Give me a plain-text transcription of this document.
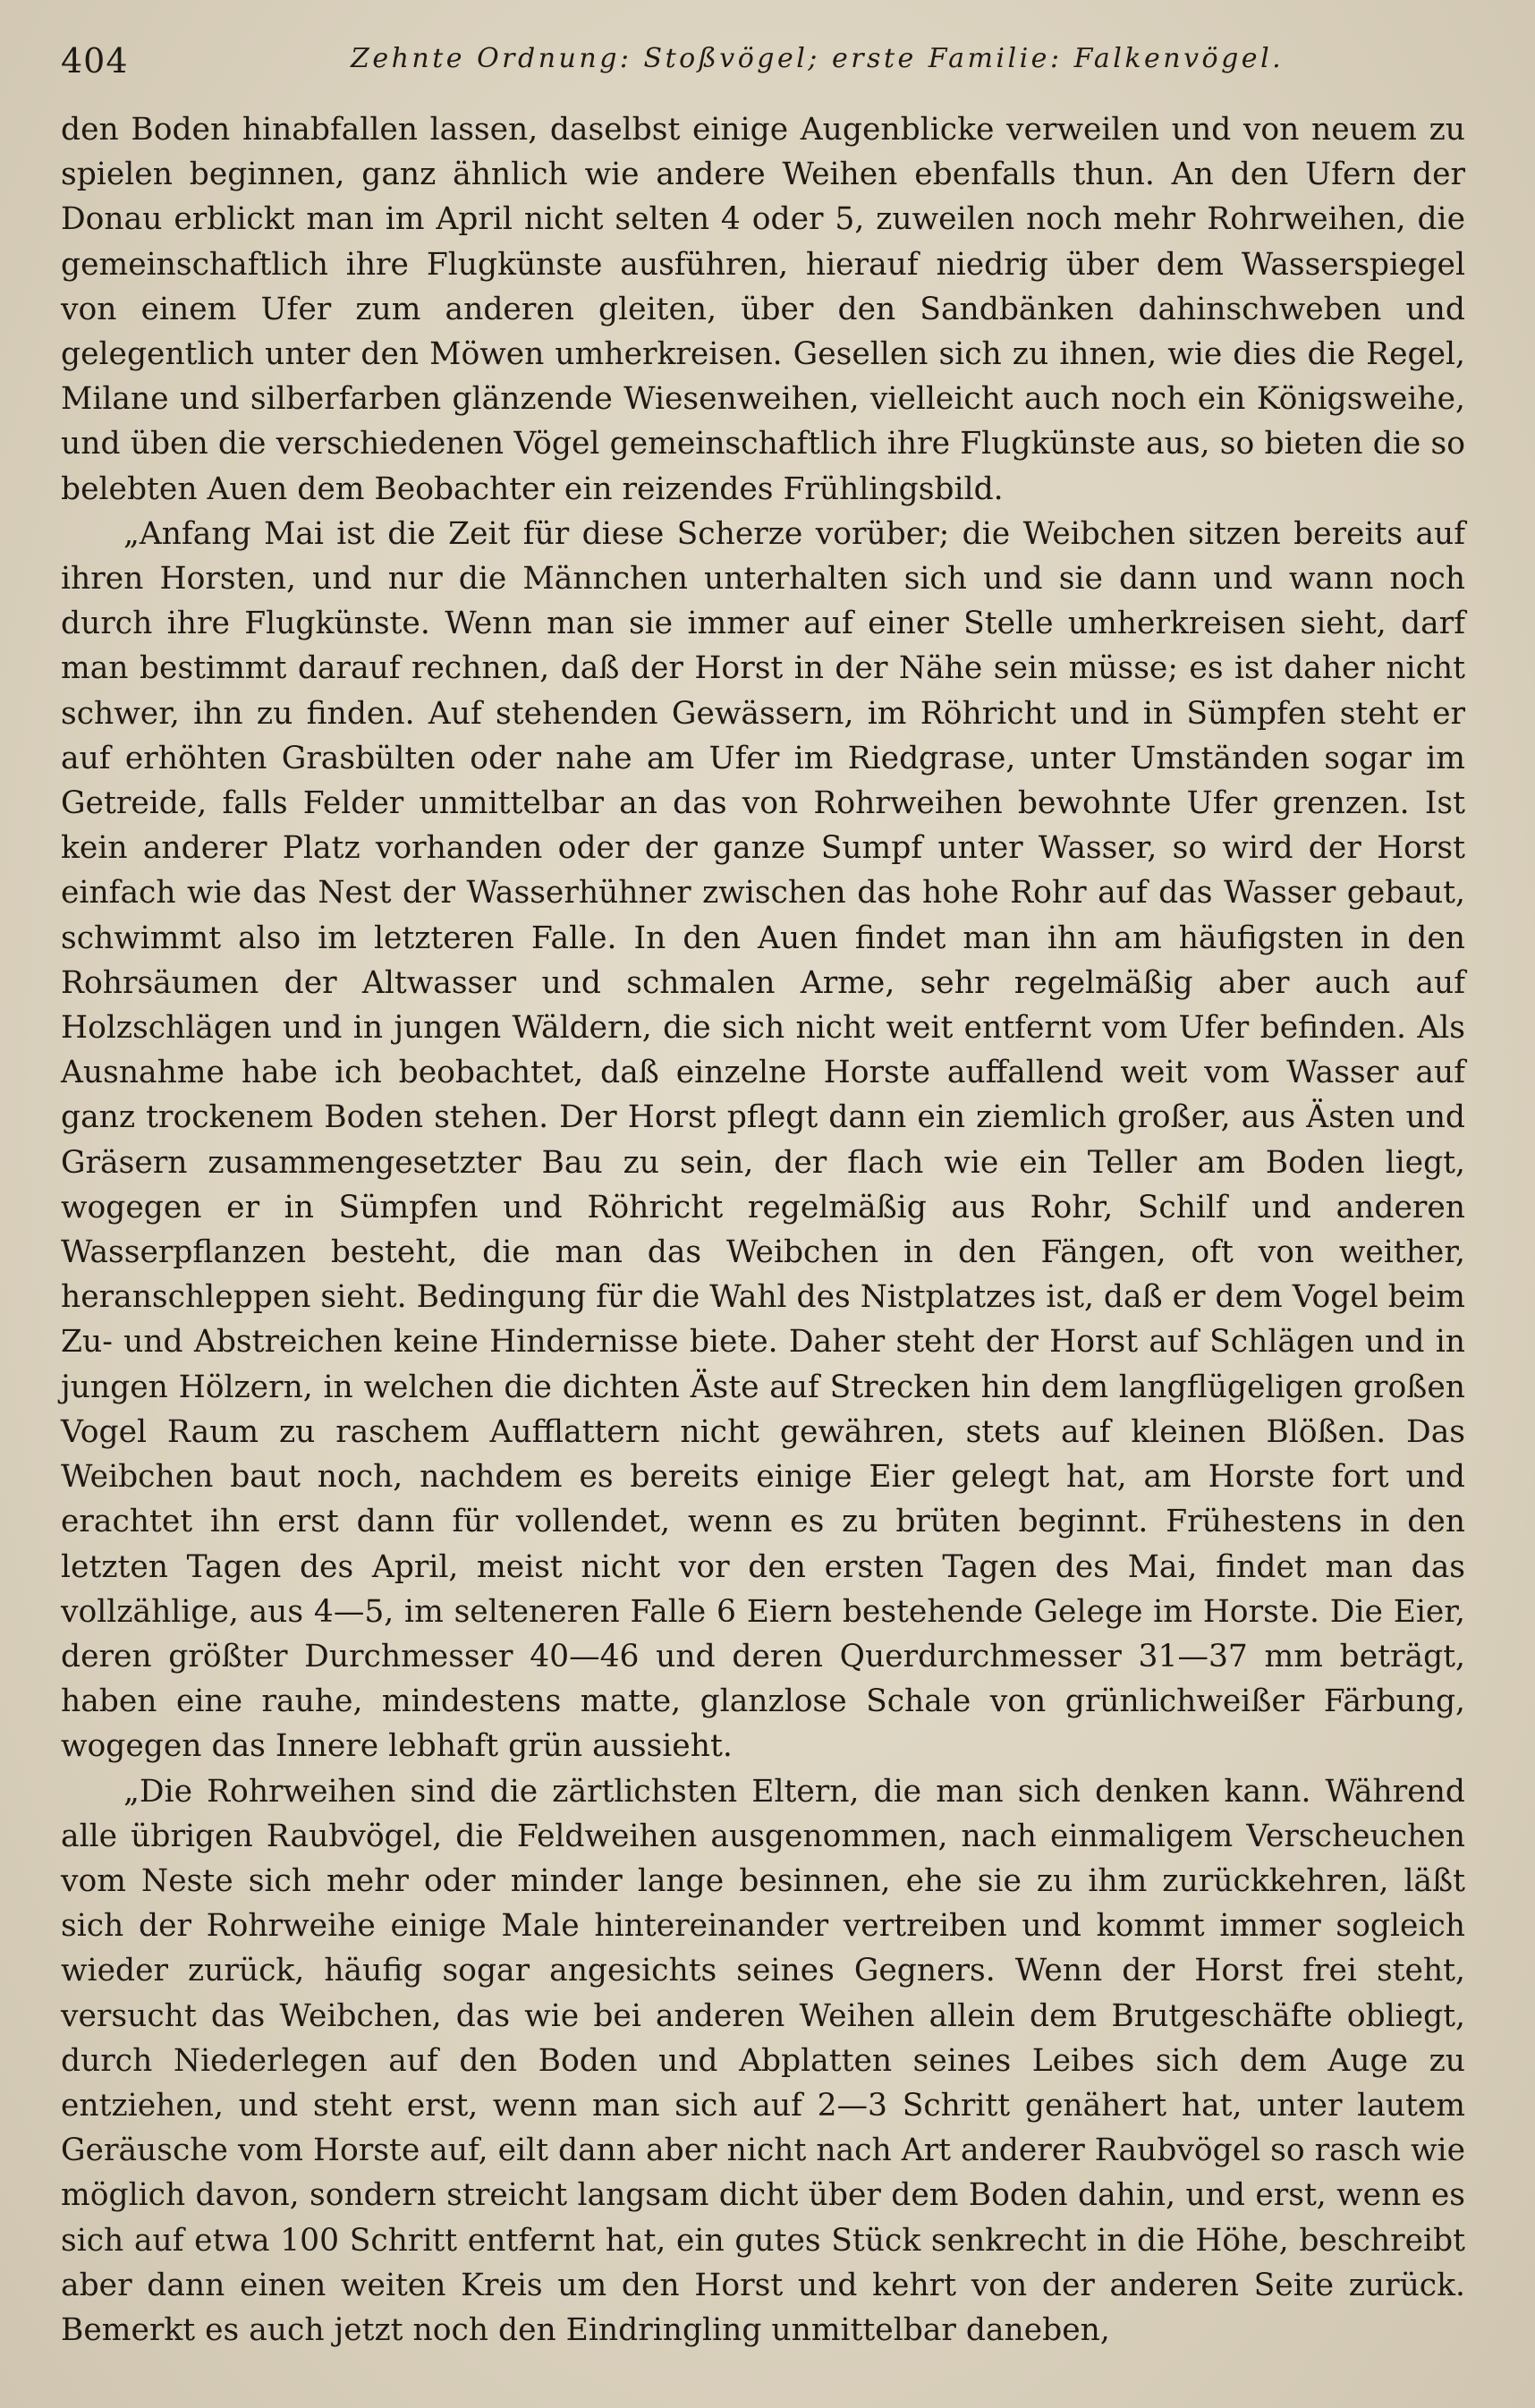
404	Zehnte Ordnung: Stoßvögel; erste Familie: Falkenvögel.

den Boden hinabfallen lassen, daselbst einige Augenblicke verweilen und von neuem zu spielen beginnen, ganz ähnlich wie andere Weihen ebenfalls thun. An den Ufern der Donau erblickt man im April nicht selten 4 oder 5, zuweilen noch mehr Rohrweihen, die gemeinschaftlich ihre Flugkünste ausführen, hierauf niedrig über dem Wasserspiegel von einem Ufer zum anderen gleiten, über den Sandbänken dahinschweben und gelegentlich unter den Möwen umherkreisen. Gesellen sich zu ihnen, wie dies die Regel, Milane und silberfarben glänzende Wiesenweihen, vielleicht auch noch ein Königsweihe, und üben die verschiedenen Vögel gemeinschaftlich ihre Flugkünste aus, so bieten die so belebten Auen dem Beobachter ein reizendes Frühlingsbild.

„Anfang Mai ist die Zeit für diese Scherze vorüber; die Weibchen sitzen bereits auf ihren Horsten, und nur die Männchen unterhalten sich und sie dann und wann noch durch ihre Flugkünste. Wenn man sie immer auf einer Stelle umherkreisen sieht, darf man bestimmt darauf rechnen, daß der Horst in der Nähe sein müsse; es ist daher nicht schwer, ihn zu finden. Auf stehenden Gewässern, im Röhricht und in Sümpfen steht er auf erhöhten Grasbülten oder nahe am Ufer im Riedgrase, unter Umständen sogar im Getreide, falls Felder unmittelbar an das von Rohrweihen bewohnte Ufer grenzen. Ist kein anderer Platz vorhanden oder der ganze Sumpf unter Wasser, so wird der Horst einfach wie das Nest der Wasserhühner zwischen das hohe Rohr auf das Wasser gebaut, schwimmt also im letzteren Falle. In den Auen findet man ihn am häufigsten in den Rohrsäumen der Altwasser und schmalen Arme, sehr regelmäßig aber auch auf Holzschlägen und in jungen Wäldern, die sich nicht weit entfernt vom Ufer befinden. Als Ausnahme habe ich beobachtet, daß einzelne Horste auffallend weit vom Wasser auf ganz trockenem Boden stehen. Der Horst pflegt dann ein ziemlich großer, aus Ästen und Gräsern zusammengesetzter Bau zu sein, der flach wie ein Teller am Boden liegt, wogegen er in Sümpfen und Röhricht regelmäßig aus Rohr, Schilf und anderen Wasserpflanzen besteht, die man das Weibchen in den Fängen, oft von weither, heranschleppen sieht. Bedingung für die Wahl des Nistplatzes ist, daß er dem Vogel beim Zu- und Abstreichen keine Hindernisse biete. Daher steht der Horst auf Schlägen und in jungen Hölzern, in welchen die dichten Äste auf Strecken hin dem langflügeligen großen Vogel Raum zu raschem Aufflattern nicht gewähren, stets auf kleinen Blößen. Das Weibchen baut noch, nachdem es bereits einige Eier gelegt hat, am Horste fort und erachtet ihn erst dann für vollendet, wenn es zu brüten beginnt. Frühestens in den letzten Tagen des April, meist nicht vor den ersten Tagen des Mai, findet man das vollzählige, aus 4—5, im selteneren Falle 6 Eiern bestehende Gelege im Horste. Die Eier, deren größter Durchmesser 40—46 und deren Querdurchmesser 31—37 mm beträgt, haben eine rauhe, mindestens matte, glanzlose Schale von grünlichweißer Färbung, wogegen das Innere lebhaft grün aussieht.

„Die Rohrweihen sind die zärtlichsten Eltern, die man sich denken kann. Während alle übrigen Raubvögel, die Feldweihen ausgenommen, nach einmaligem Verscheuchen vom Neste sich mehr oder minder lange besinnen, ehe sie zu ihm zurückkehren, läßt sich der Rohrweihe einige Male hintereinander vertreiben und kommt immer sogleich wieder zurück, häufig sogar angesichts seines Gegners. Wenn der Horst frei steht, versucht das Weibchen, das wie bei anderen Weihen allein dem Brutgeschäfte obliegt, durch Niederlegen auf den Boden und Abplatten seines Leibes sich dem Auge zu entziehen, und steht erst, wenn man sich auf 2—3 Schritt genähert hat, unter lautem Geräusche vom Horste auf, eilt dann aber nicht nach Art anderer Raubvögel so rasch wie möglich davon, sondern streicht langsam dicht über dem Boden dahin, und erst, wenn es sich auf etwa 100 Schritt entfernt hat, ein gutes Stück senkrecht in die Höhe, beschreibt aber dann einen weiten Kreis um den Horst und kehrt von der anderen Seite zurück. Bemerkt es auch jetzt noch den Eindringling unmittelbar daneben,
